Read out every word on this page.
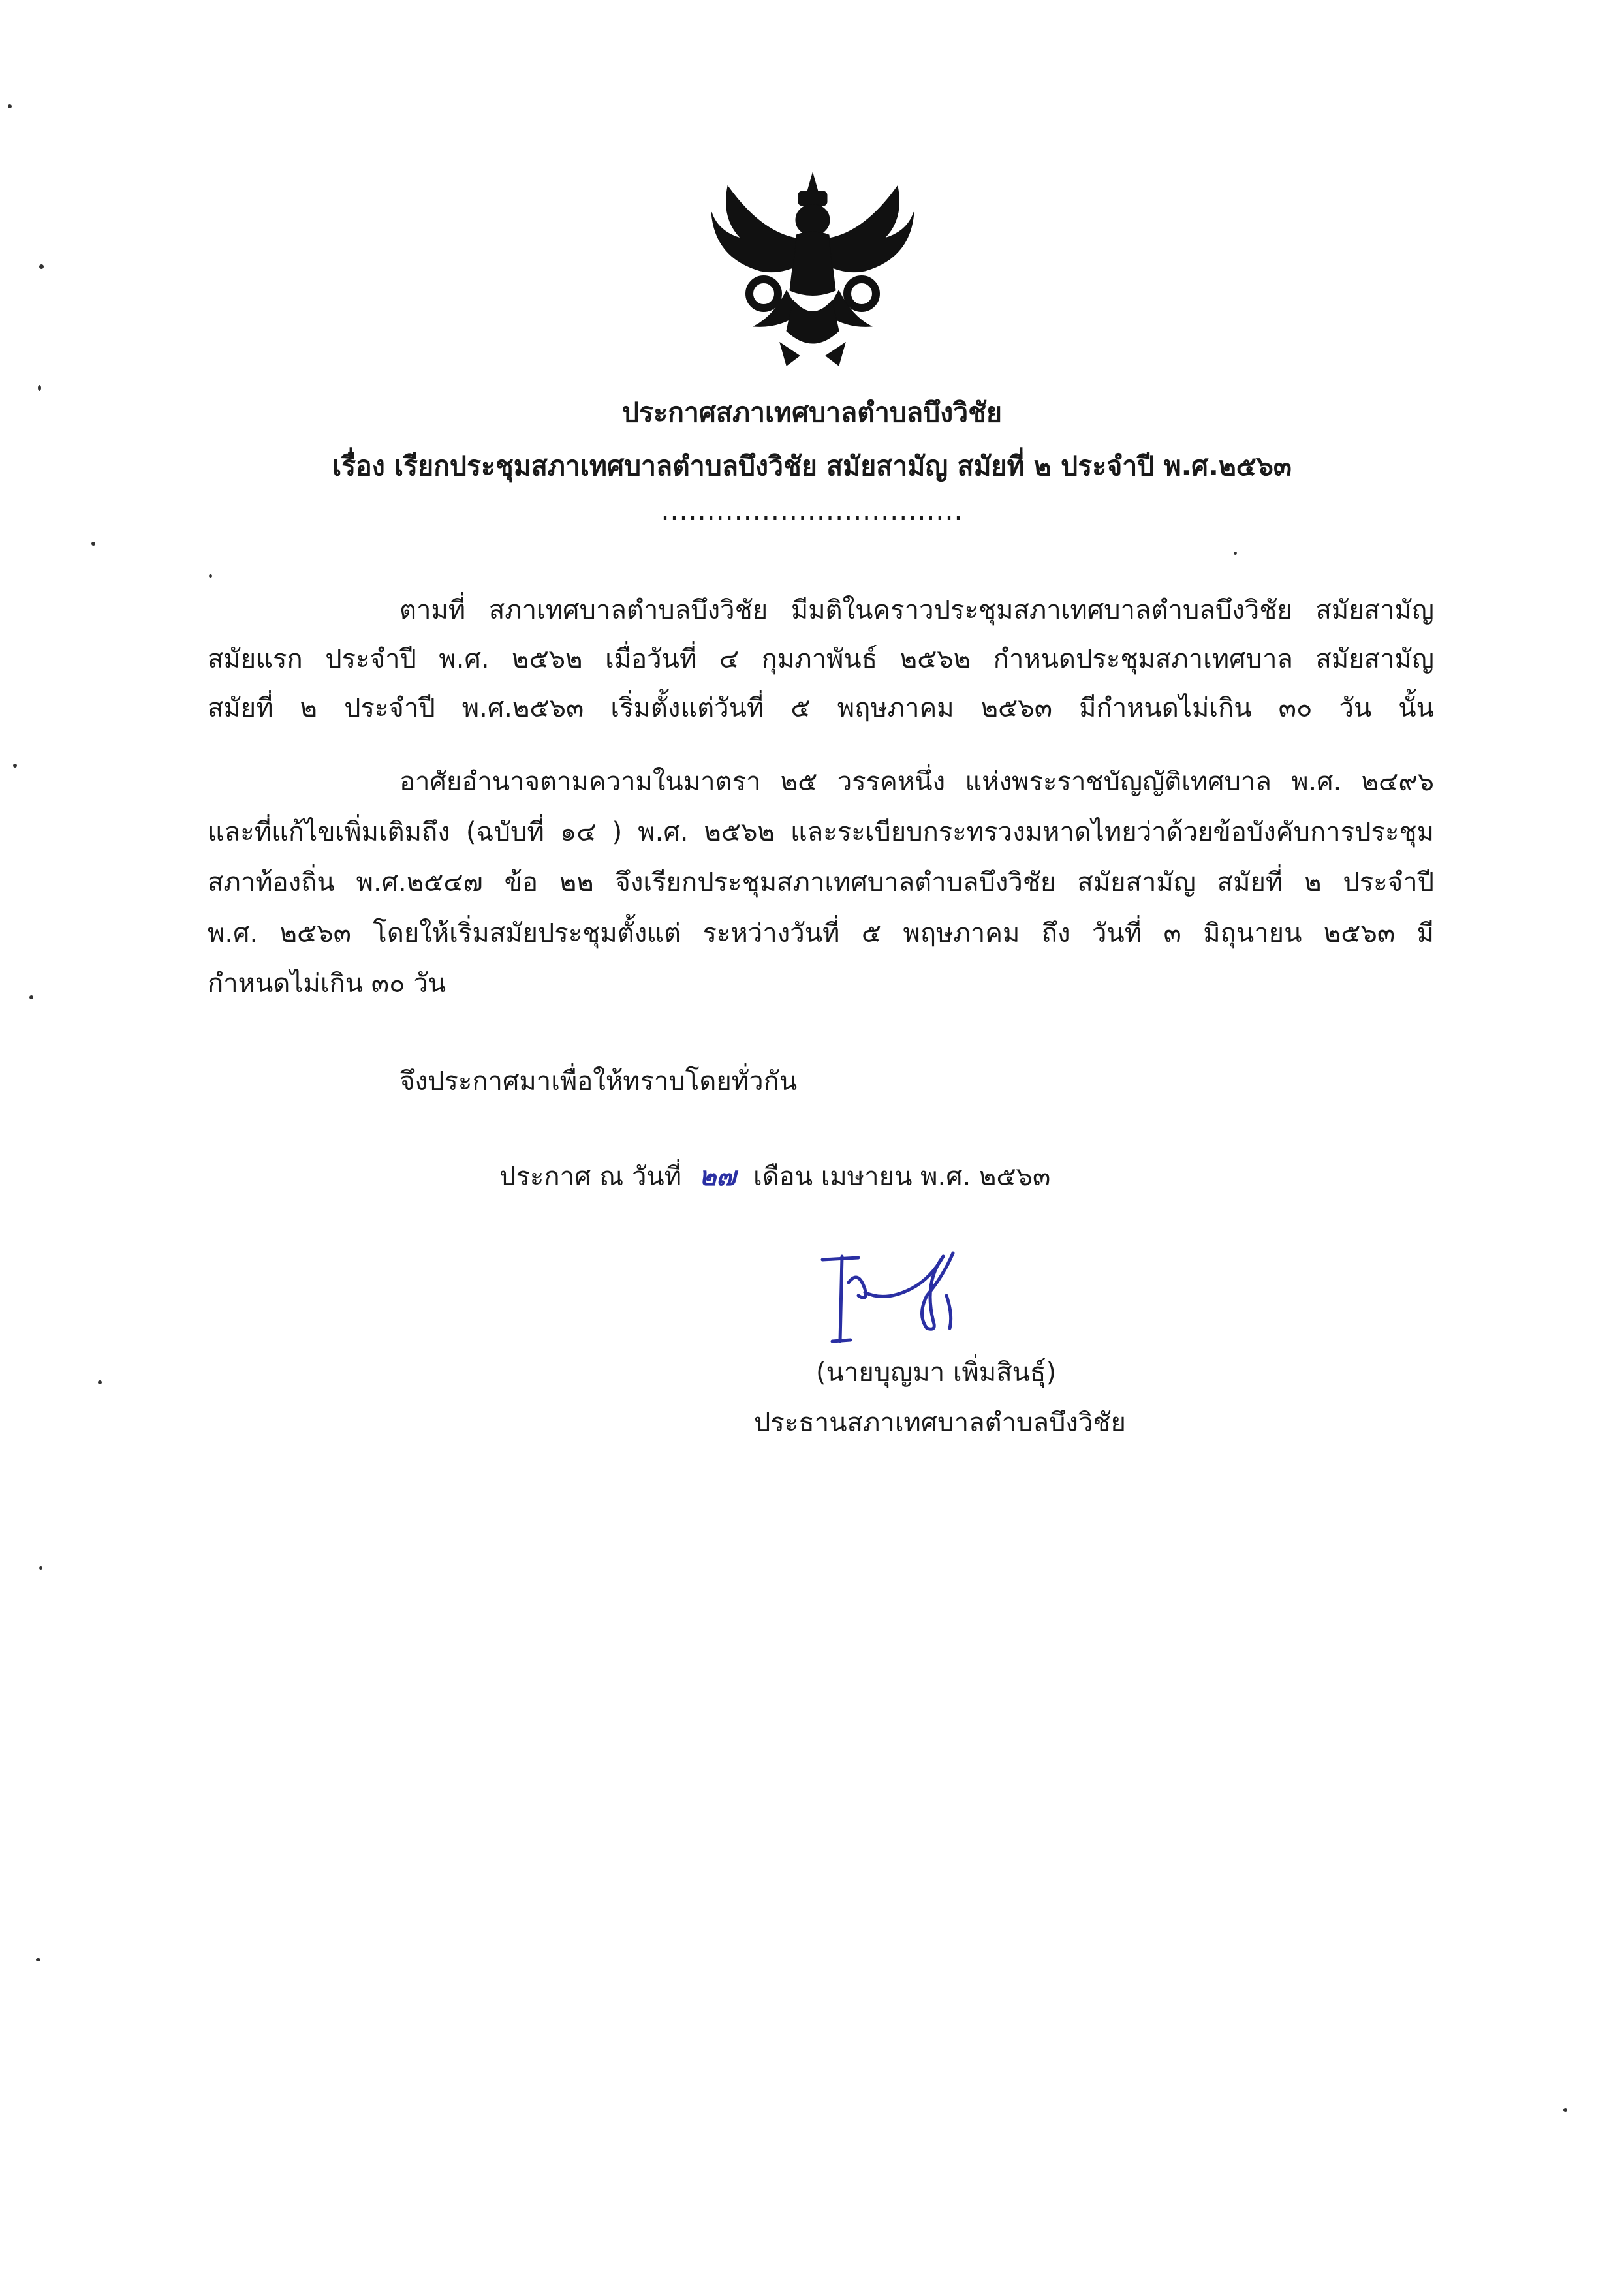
ประกาศสภาเทศบาลตำบลบึงวิชัย
เรื่อง เรียกประชุมสภาเทศบาลตำบลบึงวิชัย สมัยสามัญ สมัยที่ ๒ ประจำปี พ.ศ.๒๕๖๓
.................................
ตามที่ สภาเทศบาลตำบลบึงวิชัย มีมติในคราวประชุมสภาเทศบาลตำบลบึงวิชัย สมัยสามัญ
สมัยแรก ประจำปี พ.ศ. ๒๕๖๒ เมื่อวันที่ ๔ กุมภาพันธ์ ๒๕๖๒ กำหนดประชุมสภาเทศบาล สมัยสามัญ
สมัยที่ ๒ ประจำปี พ.ศ.๒๕๖๓ เริ่มตั้งแต่วันที่ ๕ พฤษภาคม ๒๕๖๓ มีกำหนดไม่เกิน ๓๐ วัน นั้น
อาศัยอำนาจตามความในมาตรา ๒๕ วรรคหนึ่ง แห่งพระราชบัญญัติเทศบาล พ.ศ. ๒๔๙๖
และที่แก้ไขเพิ่มเติมถึง (ฉบับที่ ๑๔ ) พ.ศ. ๒๕๖๒ และระเบียบกระทรวงมหาดไทยว่าด้วยข้อบังคับการประชุม
สภาท้องถิ่น พ.ศ.๒๕๔๗ ข้อ ๒๒ จึงเรียกประชุมสภาเทศบาลตำบลบึงวิชัย สมัยสามัญ สมัยที่ ๒ ประจำปี
พ.ศ. ๒๕๖๓ โดยให้เริ่มสมัยประชุมตั้งแต่ ระหว่างวันที่ ๕ พฤษภาคม ถึง วันที่ ๓ มิถุนายน ๒๕๖๓ มี
กำหนดไม่เกิน ๓๐ วัน
จึงประกาศมาเพื่อให้ทราบโดยทั่วกัน
ประกาศ ณ วันที่ ๒๗ เดือน เมษายน พ.ศ. ๒๕๖๓
(นายบุญมา เพิ่มสินธุ์)
ประธานสภาเทศบาลตำบลบึงวิชัย
